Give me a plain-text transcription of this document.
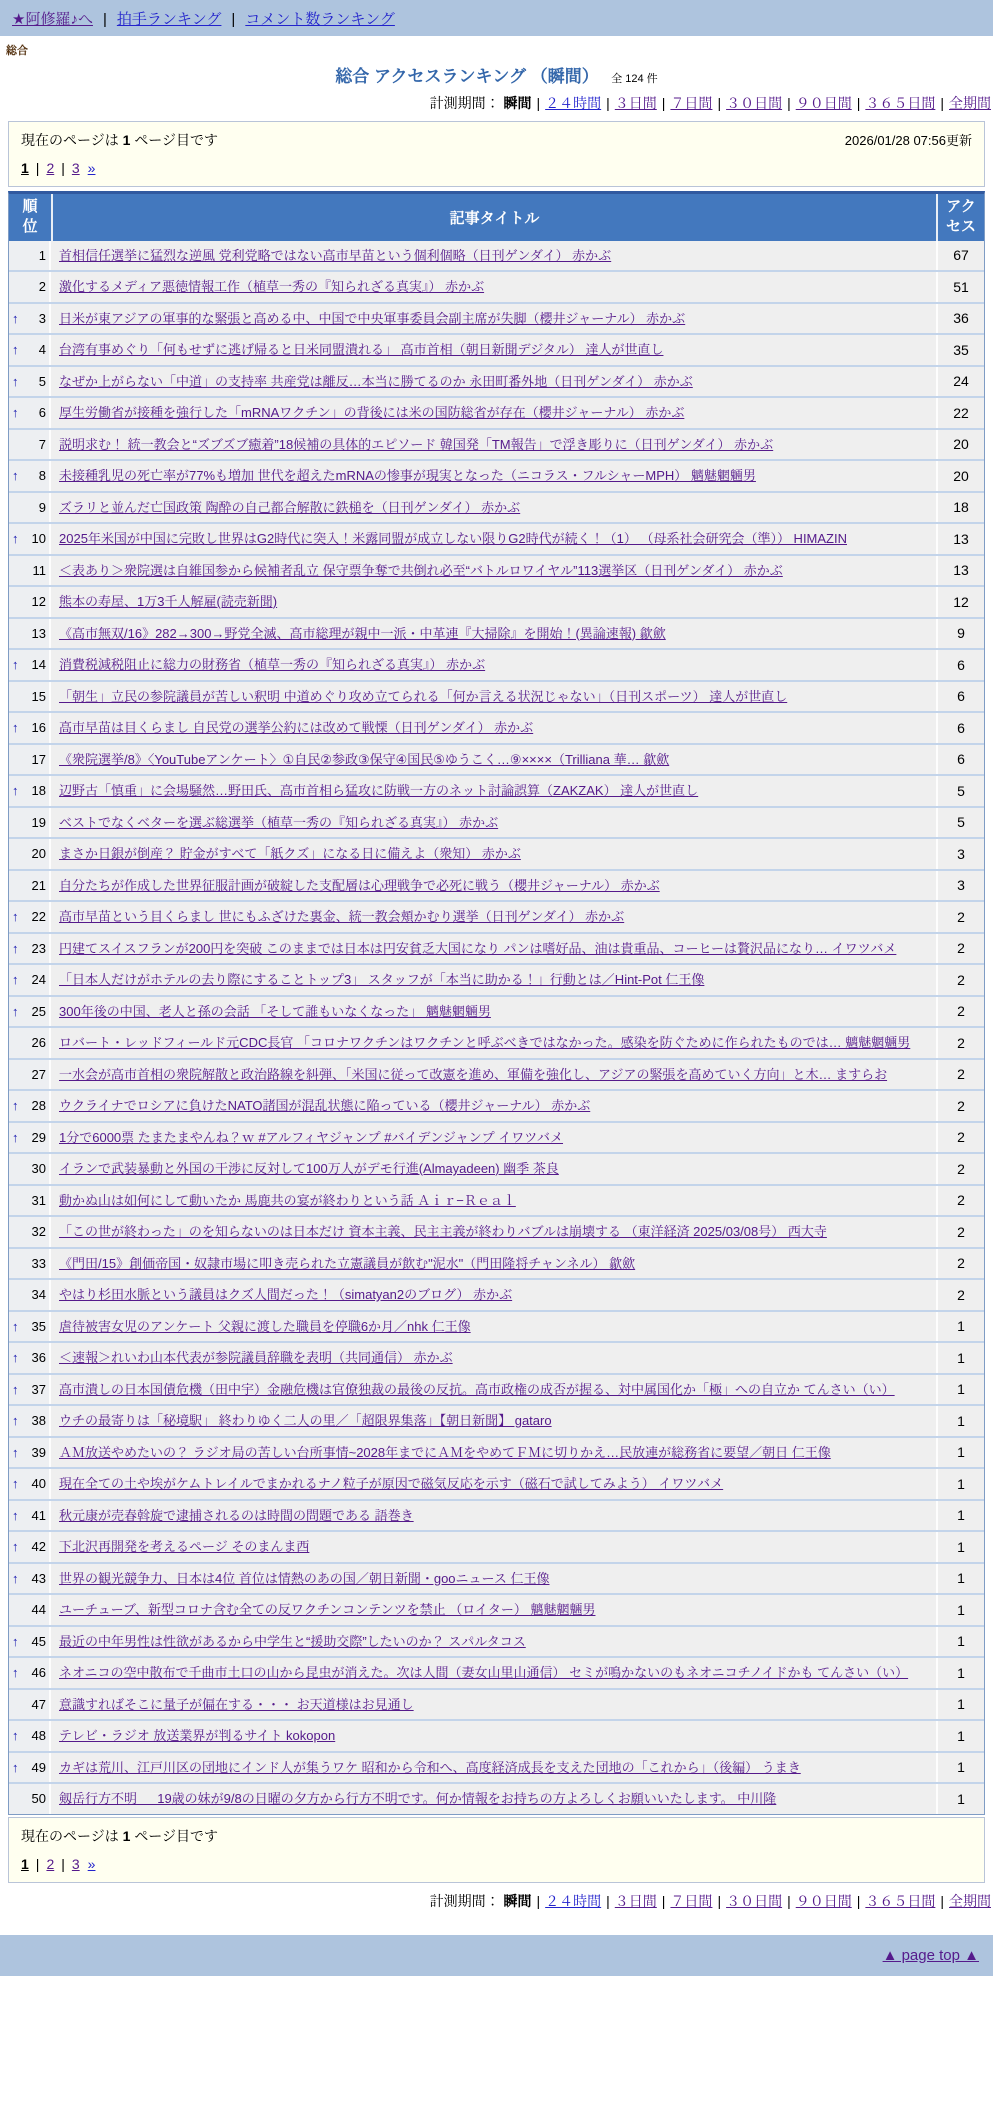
★阿修羅♪へ | 拍手ランキング | コメント数ランキング
総合
総合 アクセスランキング （瞬間） 全 124 件
計測期間： 瞬間 | ２４時間 | ３日間 | ７日間 | ３０日間 | ９０日間 | ３６５日間 | 全期間
現在のページは 1 ページ目です	2026/01/28 07:56更新
1 | 2 | 3 »
順位	記事タイトル
アクセス
1 首相信任選挙に猛烈な逆風 党利党略ではない高市早苗という個利個略（日刊ゲンダイ） 赤かぶ	67
2 激化するメディア悪徳情報工作（植草一秀の『知られざる真実』） 赤かぶ	51
↑	3 日米が東アジアの軍事的な緊張と高める中、中国で中央軍事委員会副主席が失脚（櫻井ジャーナル） 赤かぶ	36
↑	4 台湾有事めぐり「何もせずに逃げ帰ると日米同盟潰れる」 高市首相（朝日新聞デジタル） 達人が世直し	35
↑	5 なぜか上がらない「中道」の支持率 共産党は離反…本当に勝てるのか 永田町番外地（日刊ゲンダイ） 赤かぶ	24
↑	6 厚生労働省が接種を強行した「mRNAワクチン」の背後には米の国防総省が存在（櫻井ジャーナル） 赤かぶ	22
7 説明求む！ 統一教会と“ズブズブ癒着”18候補の具体的エピソード 韓国発「TM報告」で浮き彫りに（日刊ゲンダイ） 赤かぶ	20
↑	8 未接種乳児の死亡率が77%も増加 世代を超えたmRNAの惨事が現実となった（ニコラス・フルシャーMPH） 魑魅魍魎男	20
9 ズラリと並んだ亡国政策 陶酔の自己都合解散に鉄槌を（日刊ゲンダイ） 赤かぶ	18
↑	10 2025年米国が中国に完敗し世界はG2時代に突入！米露同盟が成立しない限りG2時代が続く！（1） （母系社会研究会（準）） HIMAZIN	13
11 ＜表あり＞衆院選は自維国参から候補者乱立 保守票争奪で共倒れ必至“バトルロワイヤル”113選挙区（日刊ゲンダイ） 赤かぶ	13
12 熊本の寿屋、1万3千人解雇(読売新聞)	12
13 《高市無双/16》282→300→野党全滅、高市総理が親中一派・中革連『大掃除』を開始！(異論速報) 歙歛	9
↑	14 消費税減税阻止に総力の財務省（植草一秀の『知られざる真実』） 赤かぶ	6
15 「朝生」立民の参院議員が苦しい釈明 中道めぐり攻め立てられる「何か言える状況じゃない」（日刊スポーツ） 達人が世直し	6
↑	16 高市早苗は目くらまし 自民党の選挙公約には改めて戦慄（日刊ゲンダイ） 赤かぶ	6
17 《衆院選挙/8》〈YouTubeアンケート〉①自民②参政③保守④国民⑤ゆうこく…⑨××××（Trilliana 華… 歙歛	6
↑	18 辺野古「慎重」に会場騒然…野田氏、高市首相ら猛攻に防戦一方のネット討論誤算（ZAKZAK） 達人が世直し	5
19 ベストでなくベターを選ぶ総選挙（植草一秀の『知られざる真実』） 赤かぶ	5
20 まさか日銀が倒産？ 貯金がすべて「紙クズ」になる日に備えよ（衆知） 赤かぶ	3
21 自分たちが作成した世界征服計画が破綻した支配層は心理戦争で必死に戦う（櫻井ジャーナル） 赤かぶ	3
↑	22 高市早苗という目くらまし 世にもふざけた裏金、統一教会頬かむり選挙（日刊ゲンダイ） 赤かぶ	2
↑	23 円建てスイスフランが200円を突破 このままでは日本は円安貧乏大国になり パンは嗜好品、油は貴重品、コーヒーは贅沢品になり… イワツバメ	2
↑	24 「日本人だけがホテルの去り際にすることトップ3」 スタッフが「本当に助かる！」行動とは／Hint-Pot 仁王像	2
↑	25 300年後の中国、老人と孫の会話 「そして誰もいなくなった」 魑魅魍魎男	2
26 ロバート・レッドフィールド元CDC長官 「コロナワクチンはワクチンと呼ぶべきではなかった。感染を防ぐために作られたものでは… 魑魅魍魎男	2
27 一水会が高市首相の衆院解散と政治路線を糾弾、「米国に従って改憲を進め、軍備を強化し、アジアの緊張を高めていく方向」と木… ますらお	2
↑	28 ウクライナでロシアに負けたNATO諸国が混乱状態に陥っている（櫻井ジャーナル） 赤かぶ	2
↑	29 1分で6000票 たまたまやんね？ｗ #アルフィヤジャンプ #バイデンジャンプ イワツバメ	2
30 イランで武装暴動と外国の干渉に反対して100万人がデモ行進(Almayadeen) 幽季 茶良	2
31 動かぬ山は如何にして動いたか 馬鹿共の宴が終わりという話 Ａｉｒ−Ｒｅａｌ	2
32 「この世が終わった」のを知らないのは日本だけ 資本主義、民主主義が終わりバブルは崩壊する （東洋経済 2025/03/08号） 西大寺	2
33 《門田/15》創価帝国・奴隷市場に叩き売られた立憲議員が飲む"泥水"（門田隆将チャンネル） 歙歛	2
34 やはり杉田水脈という議員はクズ人間だった！（simatyan2のブログ） 赤かぶ	2
↑	35 虐待被害女児のアンケート 父親に渡した職員を停職6か月／nhk 仁王像	1
↑	36 ＜速報＞れいわ山本代表が参院議員辞職を表明（共同通信） 赤かぶ	1
↑	37 高市潰しの日本国債危機（田中宇）金融危機は官僚独裁の最後の反抗。高市政権の成否が握る、対中属国化か「極」への自立か てんさい（い）	1
↑	38 ウチの最寄りは「秘境駅」 終わりゆく二人の里／「超限界集落」【朝日新聞】 gataro	1
↑	39 ＡＭ放送やめたいの？ ラジオ局の苦しい台所事情~2028年までにＡＭをやめてＦＭに切りかえ…民放連が総務省に要望／朝日 仁王像	1
↑	40 現在全ての土や埃がケムトレイルでまかれるナノ粒子が原因で磁気反応を示す（磁石で試してみよう） イワツバメ	1
↑	41 秋元康が売春斡旋で逮捕されるのは時間の問題である 語巻き	1
↑	42 下北沢再開発を考えるページ そのまんま西	1
↑	43 世界の観光競争力、日本は4位 首位は情熱のあの国／朝日新聞・gooニュース 仁王像	1
44 ユーチューブ、新型コロナ含む全ての反ワクチンコンテンツを禁止 （ロイター） 魑魅魍魎男	1
↑	45 最近の中年男性は性欲があるから中学生と“援助交際”したいのか？ スパルタコス	1
↑	46 ネオニコの空中散布で千曲市土口の山から昆虫が消えた。次は人間（妻女山里山通信） セミが鳴かないのもネオニコチノイドかも てんさい（い）	1
47 意識すればそこに量子が偏在する・・・ お天道様はお見通し	1
↑	48 テレビ・ラジオ 放送業界が判るサイト kokopon	1
↑	49 カギは荒川、江戸川区の団地にインド人が集うワケ 昭和から令和へ、高度経済成長を支えた団地の「これから」（後編） うまき	1
50 剱岳行方不明 ＿ 19歳の妹が9/8の日曜の夕方から行方不明です。何か情報をお持ちの方よろしくお願いいたします。 中川隆	1
現在のページは 1 ページ目です
1 | 2 | 3 »
計測期間： 瞬間 | ２４時間 | ３日間 | ７日間 | ３０日間 | ９０日間 | ３６５日間 | 全期間
▲ page top ▲
